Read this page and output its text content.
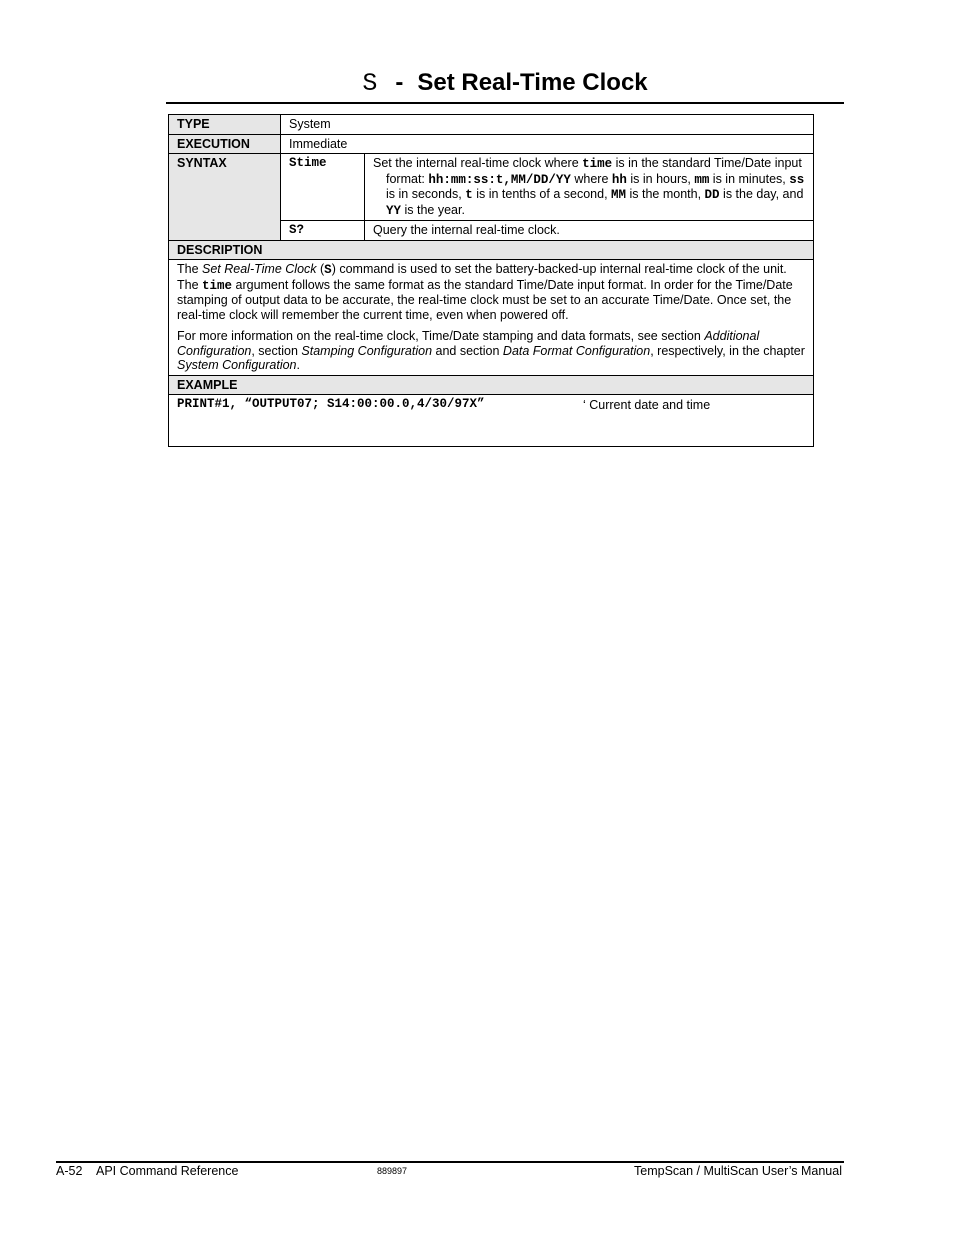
S - Set Real-Time Clock
TYPE	System	
EXECUTION	Immediate	
SYNTAX	Stime	Set the internal real-time clock where time is in the standard Time/Date input format: hh:mm:ss:t,MM/DD/YY where hh is in hours, mm is in minutes, ss is in seconds, t is in tenths of a second, MM is the month, DD is the day, and YY is the year.

	S?	Query the internal real-time clock.
DESCRIPTION		

The Set Real-Time Clock (S) command is used to set the battery-backed-up internal real-time clock of the unit. The time argument follows the same format as the standard Time/Date input format. In order for the Time/Date stamping of output data to be accurate, the real-time clock must be set to an accurate Time/Date. Once set, the real-time clock will remember the current time, even when powered off.

For more information on the real-time clock, Time/Date stamping and data formats, see section Additional Configuration, section Stamping Configuration and section Data Format Configuration, respectively, in the chapter System Configuration.		

EXAMPLE		

PRINT#1, “OUTPUT07; S14:00:00.0,4/30/97X” ‘ Current date and time		
A-52 API Command Reference	889897	TempScan / MultiScan User’s Manual
